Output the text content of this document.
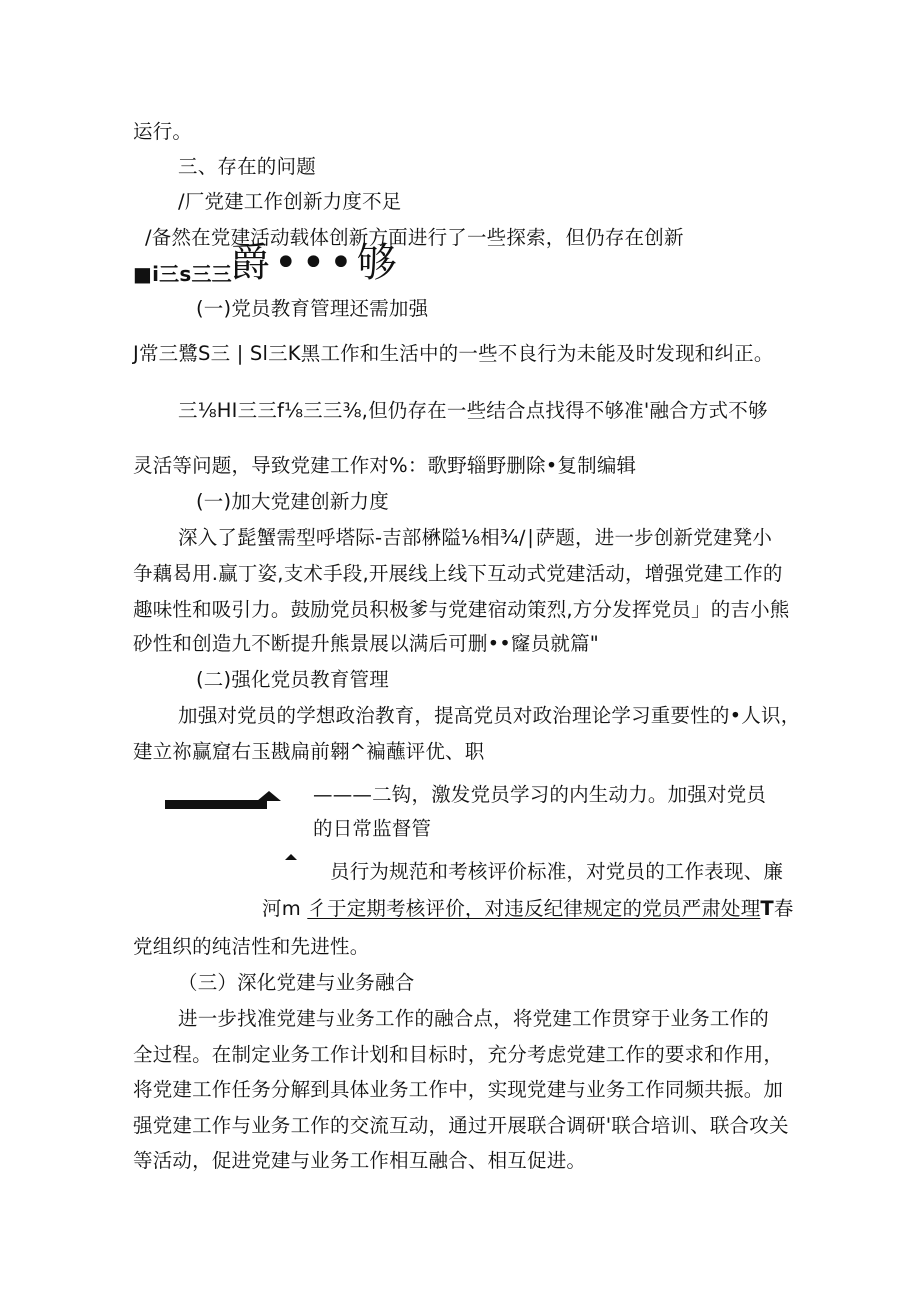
运行。

三、存在的问题

/厂党建工作创新力度不足

/备然在党建活动载体创新方面进行了一些探索，但仍存在创新

■i三s三三

爵•••够

(一)党员教育管理还需加强

J常三鷺S三 | Sl三K黑工作和生活中的一些不良行为未能及时发现和纠正。

三⅛HI三三f⅛三三⅜,但仍存在一些结合点找得不够准'融合方式不够

灵活等问题，导致党建工作对%：歌野辎野删除•复制编辑

(一)加大党建创新力度

深入了髭蟹需型呼塔际-吉部楙隘⅛相¾∕∣萨题，进一步创新党建凳小

争藕曷用.赢丁姿,支术手段,开展线上线下互动式党建活动，增强党建工作的

趣味性和吸引力。鼓励党员积极爹与党建宿动策烈,方分发挥党员」的吉小熊

砂性和创造九不断提升熊景展以满后可删••窿员就篇"

(二)强化党员教育管理

加强对党员的学想政治教育，提高党员对政治理论学习重要性的•人识，

建立祢赢窟右玉戡扁前翱^褊蘸评优、职

———二钩，激发党员学习的内生动力。加强对党员

的日常监督管

员行为规范和考核评价标准，对党员的工作表现、廉

河m 彳于定期考核评价，对违反纪律规定的党员严肃处理T春

党组织的纯洁性和先进性。

（三）深化党建与业务融合

进一步找准党建与业务工作的融合点，将党建工作贯穿于业务工作的

全过程。在制定业务工作计划和目标时，充分考虑党建工作的要求和作用，

将党建工作任务分解到具体业务工作中，实现党建与业务工作同频共振。加

强党建工作与业务工作的交流互动，通过开展联合调研'联合培训、联合攻关

等活动，促进党建与业务工作相互融合、相互促进。
